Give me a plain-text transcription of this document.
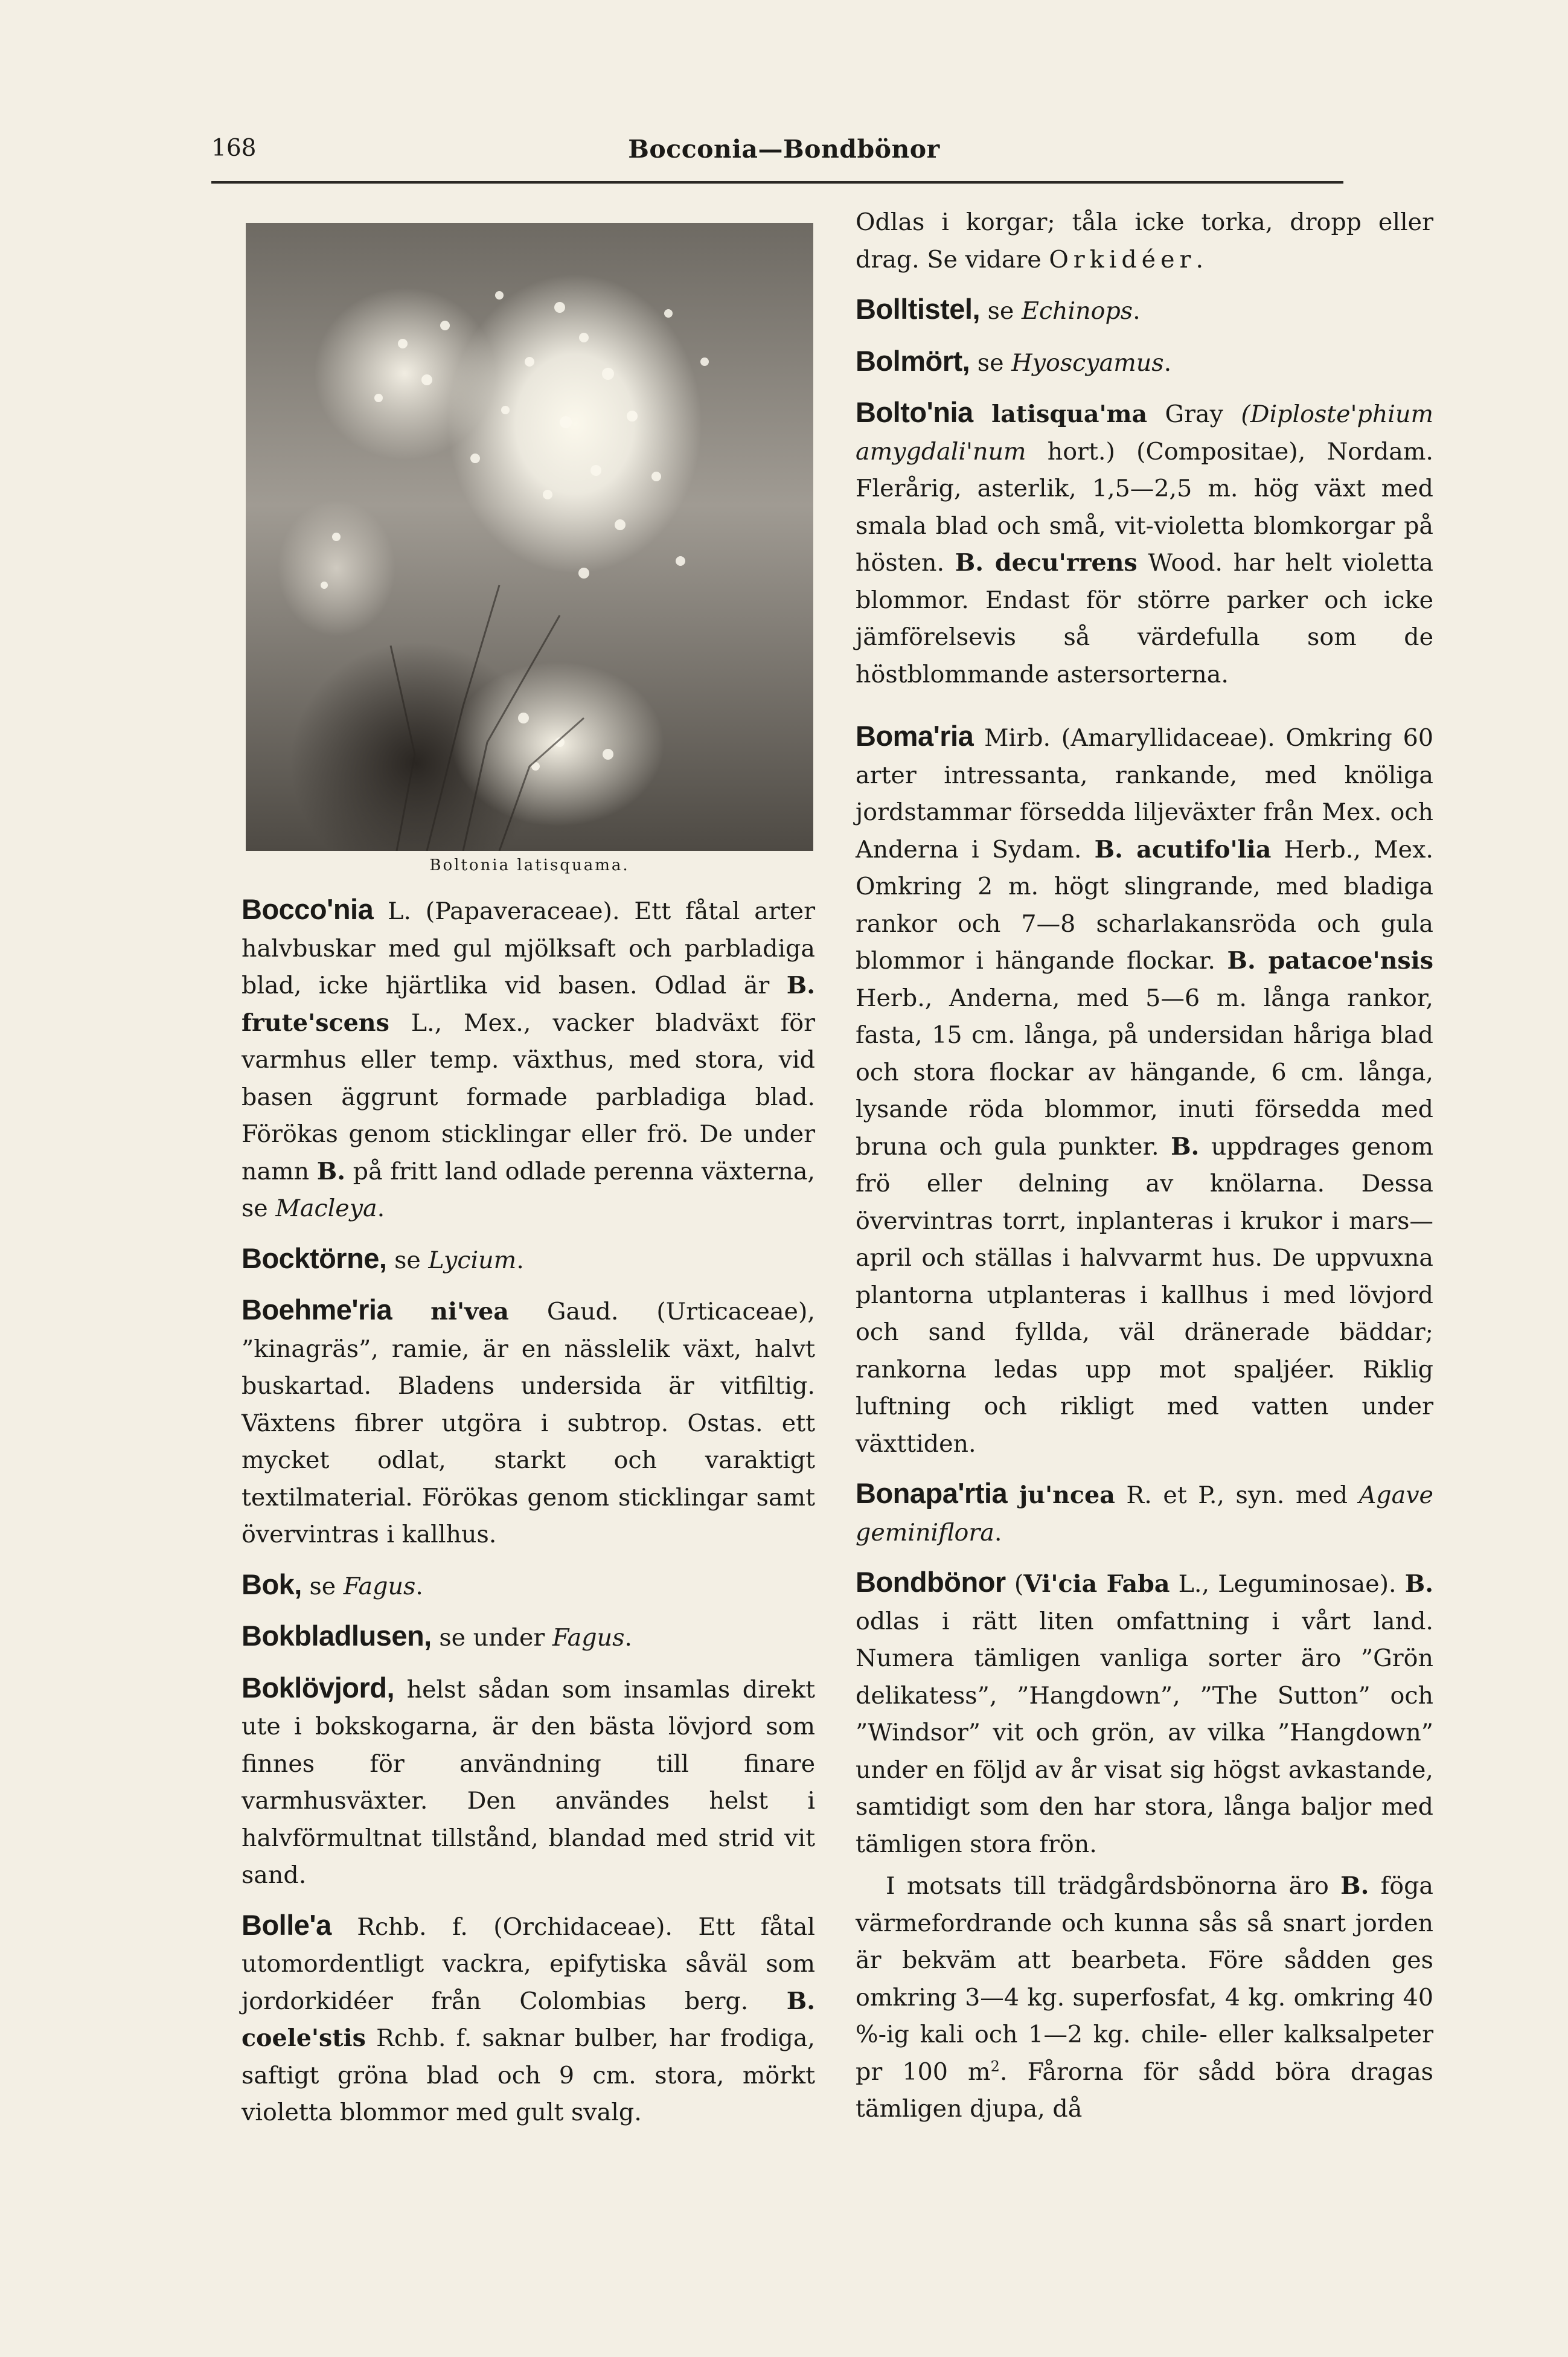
168	Bocconia—Bondbönor
Boltonia latisquama.

Bocco'nia L. (Papaveraceae). Ett fåtal arter halvbuskar med gul mjölksaft och parbladiga blad, icke hjärtlika vid basen. Odlad är B. frute'scens L., Mex., vacker bladväxt för varmhus eller temp. växthus, med stora, vid basen äggrunt formade parbladiga blad. Förökas genom sticklingar eller frö. De under namn B. på fritt land odlade perenna växterna, se Macleya.

Bocktörne, se Lycium.

Boehme'ria ni'vea Gaud. (Urticaceae), ”kinagräs”, ramie, är en nässlelik växt, halvt buskartad. Bladens undersida är vitfiltig. Växtens fibrer utgöra i subtrop. Ostas. ett mycket odlat, starkt och varaktigt textilmaterial. Förökas genom sticklingar samt övervintras i kallhus.

Bok, se Fagus.

Bokbladlusen, se under Fagus.

Boklövjord, helst sådan som insamlas direkt ute i bokskogarna, är den bästa lövjord som finnes för användning till finare varmhusväxter. Den användes helst i halvförmultnat tillstånd, blandad med strid vit sand.

Bolle'a Rchb. f. (Orchidaceae). Ett fåtal utomordentligt vackra, epifytiska såväl som jordorkidéer från Colombias berg. B. coele'stis Rchb. f. saknar bulber, har frodiga, saftigt gröna blad och 9 cm. stora, mörkt violetta blommor med gult svalg.

Odlas i korgar; tåla icke torka, dropp eller drag. Se vidare Orkidéer.

Bolltistel, se Echinops.

Bolmört, se Hyoscyamus.

Bolto'nia latisqua'ma Gray (Diploste'phium amygdali'num hort.) (Compositae), Nordam. Flerårig, asterlik, 1,5—2,5 m. hög växt med smala blad och små, vit-violetta blomkorgar på hösten. B. decu'rrens Wood. har helt violetta blommor. Endast för större parker och icke jämförelsevis så värdefulla som de höstblommande astersorterna.

Boma'ria Mirb. (Amaryllidaceae). Omkring 60 arter intressanta, rankande, med knöliga jordstammar försedda liljeväxter från Mex. och Anderna i Sydam. B. acutifo'lia Herb., Mex. Omkring 2 m. högt slingrande, med bladiga rankor och 7—8 scharlakansröda och gula blommor i hängande flockar. B. patacoe'nsis Herb., Anderna, med 5—6 m. långa rankor, fasta, 15 cm. långa, på undersidan håriga blad och stora flockar av hängande, 6 cm. långa, lysande röda blommor, inuti försedda med bruna och gula punkter. B. uppdrages genom frö eller delning av knölarna. Dessa övervintras torrt, inplanteras i krukor i mars—april och ställas i halvvarmt hus. De uppvuxna plantorna utplanteras i kallhus i med lövjord och sand fyllda, väl dränerade bäddar; rankorna ledas upp mot spaljéer. Riklig luftning och rikligt med vatten under växttiden.

Bonapa'rtia ju'ncea R. et P., syn. med Agave geminiflora.

Bondbönor (Vi'cia Faba L., Leguminosae). B. odlas i rätt liten omfattning i vårt land. Numera tämligen vanliga sorter äro ”Grön delikatess”, ”Hangdown”, ”The Sutton” och ”Windsor” vit och grön, av vilka ”Hangdown” under en följd av år visat sig högst avkastande, samtidigt som den har stora, långa baljor med tämligen stora frön.

I motsats till trädgårdsbönorna äro B. föga värmefordrande och kunna sås så snart jorden är bekväm att bearbeta. Före sådden ges omkring 3—4 kg. superfosfat, 4 kg. omkring 40 %-ig kali och 1—2 kg. chile- eller kalksalpeter pr 100 $m^2$. Fårorna för sådd böra dragas tämligen djupa, då
